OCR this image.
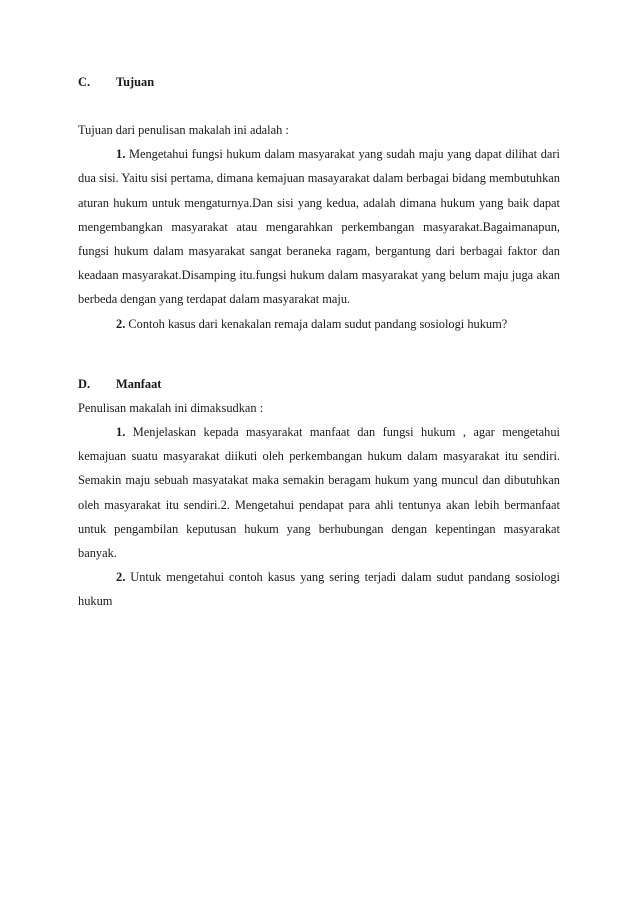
C.	Tujuan

Tujuan dari penulisan makalah ini adalah :

1. Mengetahui fungsi hukum dalam masyarakat yang sudah maju yang dapat dilihat dari dua sisi. Yaitu sisi pertama, dimana kemajuan masayarakat dalam berbagai bidang membutuhkan aturan hukum untuk mengaturnya.Dan sisi yang kedua, adalah dimana hukum yang baik dapat mengembangkan masyarakat atau mengarahkan perkembangan masyarakat.Bagaimanapun, fungsi hukum dalam masyarakat sangat beraneka ragam, bergantung dari berbagai faktor dan keadaan masyarakat.Disamping itu.fungsi hukum dalam masyarakat yang belum maju juga akan berbeda dengan yang terdapat dalam masyarakat maju.

2. Contoh kasus dari kenakalan remaja dalam sudut pandang sosiologi hukum?

D.	Manfaat

Penulisan makalah ini dimaksudkan :

1. Menjelaskan kepada masyarakat manfaat dan fungsi hukum , agar mengetahui kemajuan suatu masyarakat diikuti oleh perkembangan hukum dalam masyarakat itu sendiri. Semakin maju sebuah masyatakat maka semakin beragam hukum yang muncul dan dibutuhkan oleh masyarakat itu sendiri.2. Mengetahui pendapat para ahli tentunya akan lebih bermanfaat untuk pengambilan keputusan hukum yang berhubungan dengan kepentingan masyarakat banyak.

2. Untuk mengetahui contoh kasus yang sering terjadi dalam sudut pandang sosiologi hukum
